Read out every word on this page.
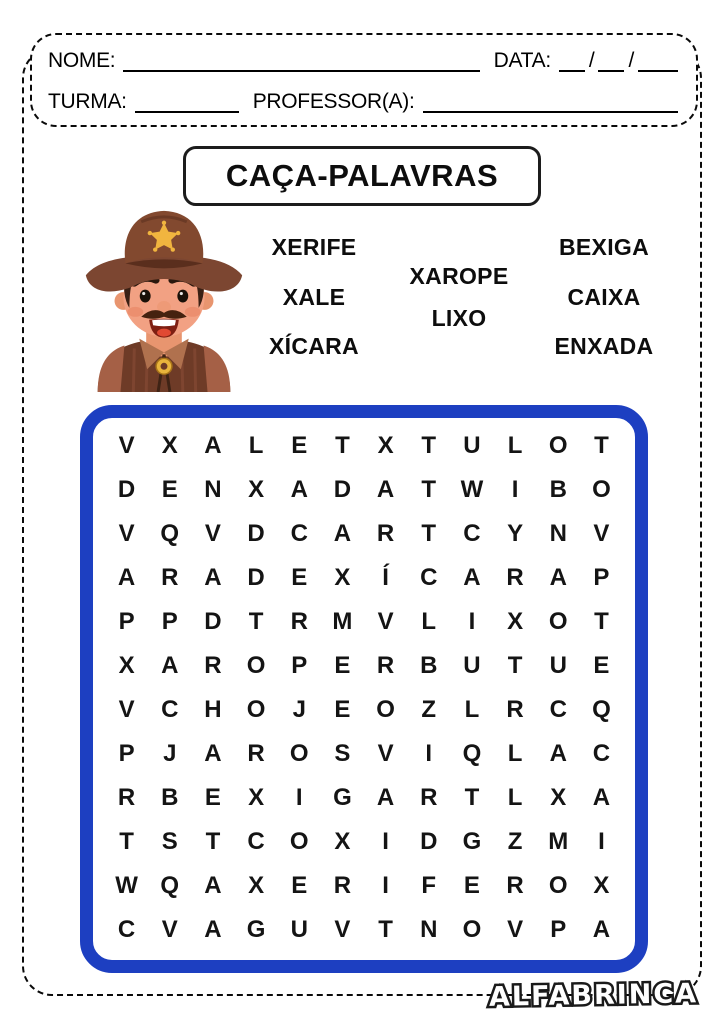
NOME:	DATA:	/ /
TURMA:	PROFESSOR(A):
CAÇA-PALAVRAS
XERIFE
XALE
XÍCARA
XAROPE
LIXO
BEXIGA
CAIXA
ENXADA
V	X	A	L	E	T	X	T	U	L	O	T
D	E	N	X	A	D	A	T	W	I	B	O
V	Q	V	D	C	A	R	T	C	Y	N	V
A	R	A	D	E	X	Í	C	A	R	A	P
P	P	D	T	R	M	V	L	I	X	O	T
X	A	R	O	P	E	R	B	U	T	U	E
V	C	H	O	J	E	O	Z	L	R	C	Q
P	J	A	R	O	S	V	I	Q	L	A	C
R	B	E	X	I	G	A	R	T	L	X	A
T	S	T	C	O	X	I	D	G	Z	M	I
W Q	A	X	E	R	I	F	E	R	O	X
C	V	A	G	U	V	T	N	O	V	P	A
ALFABRINCA
